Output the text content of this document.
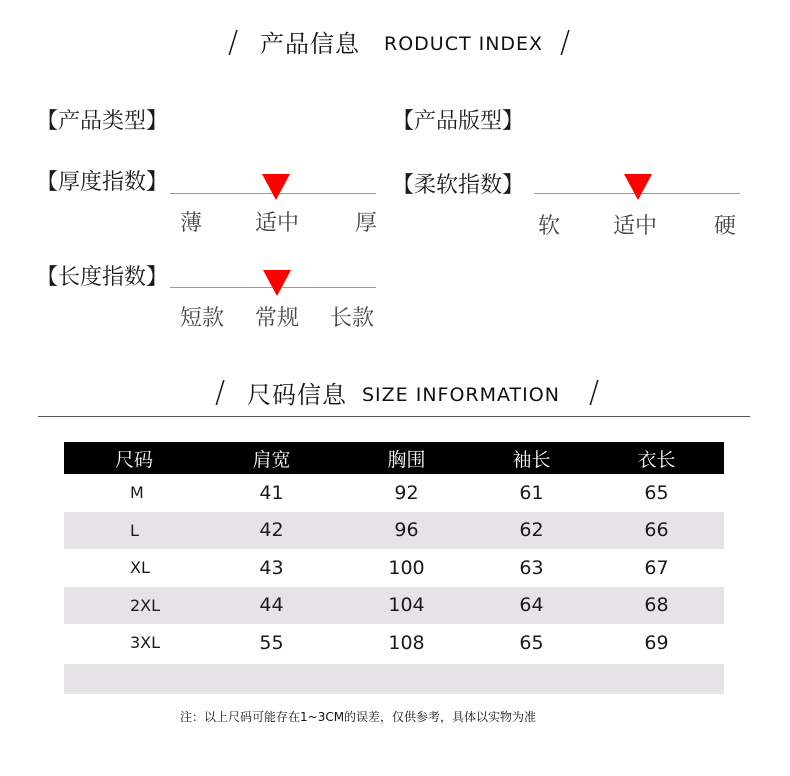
/ 产品信息 RODUCT INDEX /
【产品类型】	【产品版型】
【厚度指数】
薄 适中	厚
【柔软指数】
软 适中	硬
【长度指数】
短款 常规 长款
/ 尺码信息 SIZE INFORMATION /
尺码	肩宽	胸围	袖长	衣长
M	41	92	61	65
L	42	96	62	66
XL	43	100	63	67
2XL	44	104	64	68
3XL	55	108	65	69

注：以上尺码可能存在1~3CM的误差，仅供参考，具体以实物为准
